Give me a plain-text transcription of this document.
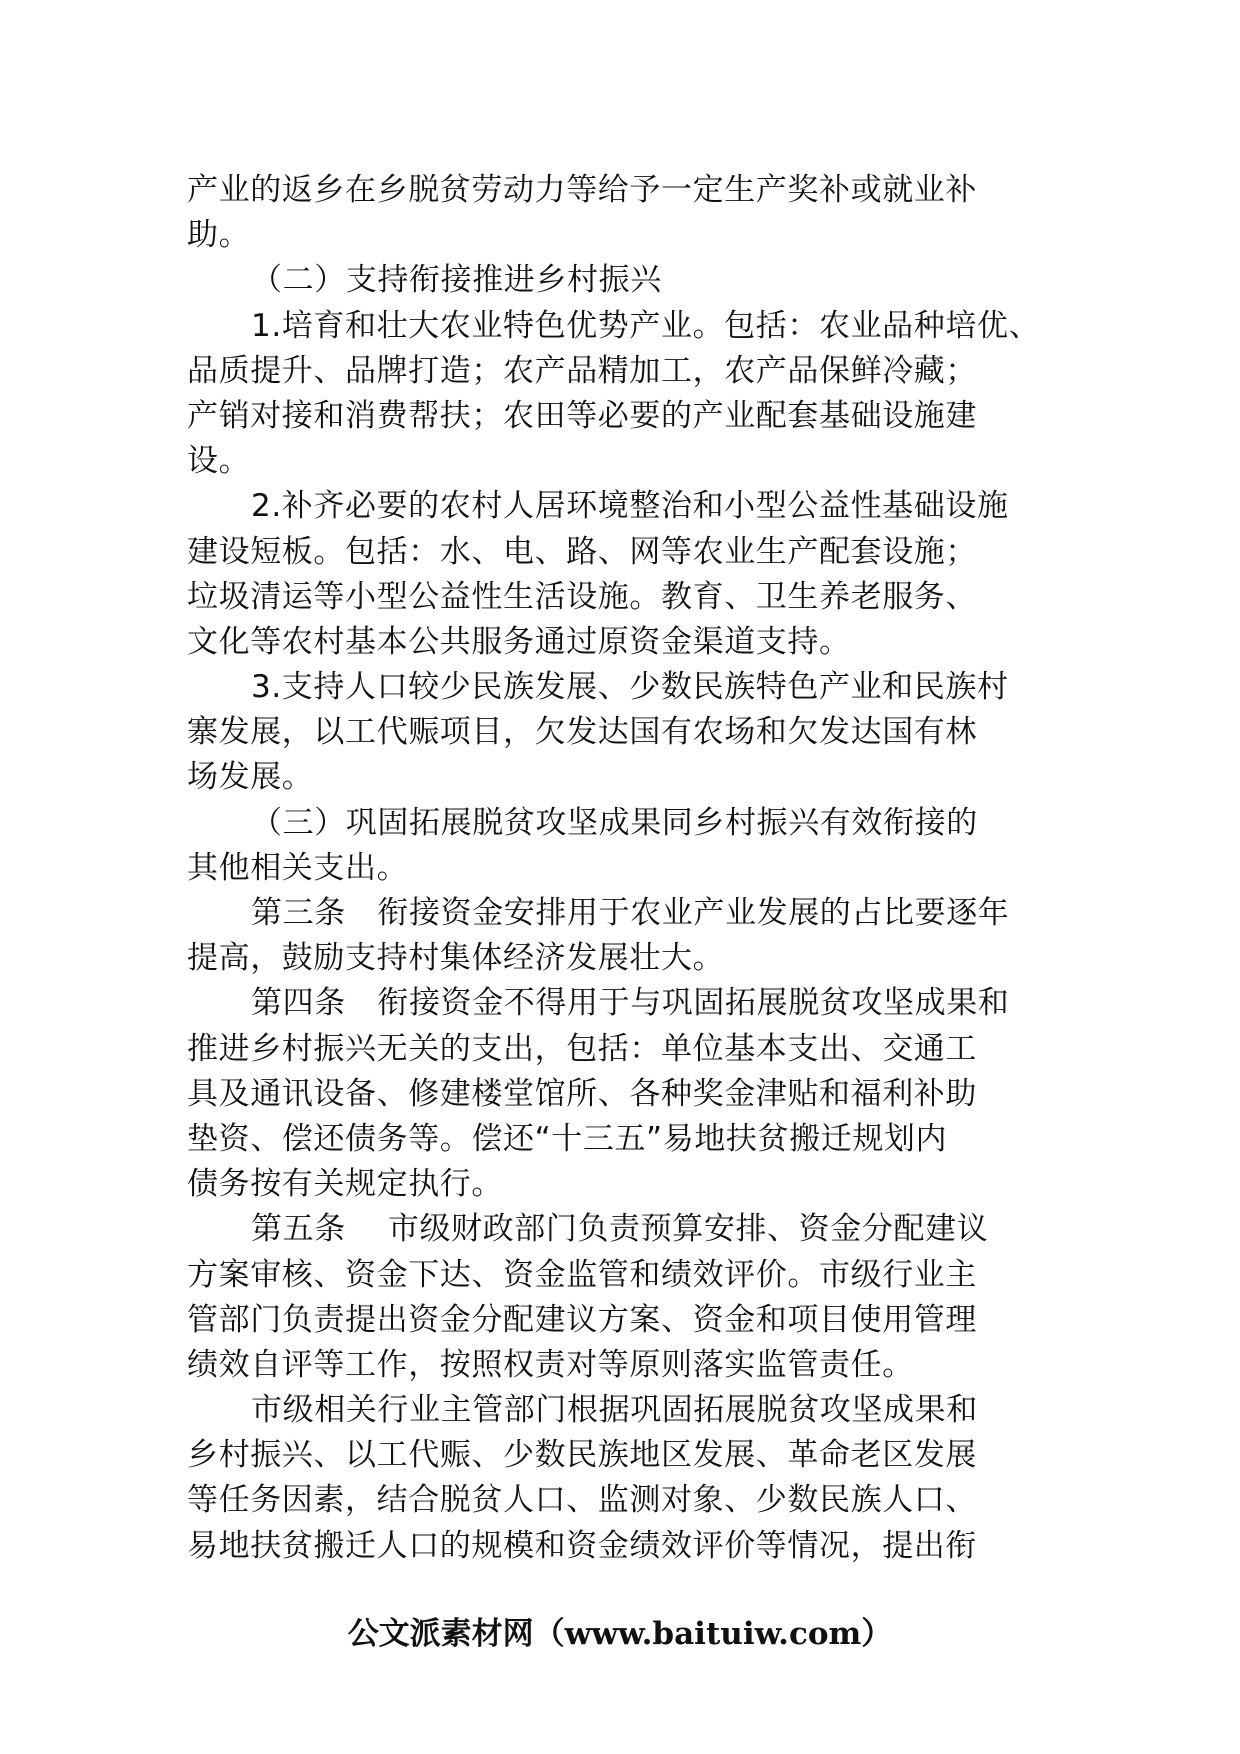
产业的返乡在乡脱贫劳动力等给予一定生产奖补或就业补
助。

（二）支持衔接推进乡村振兴

1.培育和壮大农业特色优势产业。包括：农业品种培优、
品质提升、品牌打造；农产品精加工，农产品保鲜冷藏；
产销对接和消费帮扶；农田等必要的产业配套基础设施建
设。

2.补齐必要的农村人居环境整治和小型公益性基础设施
建设短板。包括：水、电、路、网等农业生产配套设施；
垃圾清运等小型公益性生活设施。教育、卫生养老服务、
文化等农村基本公共服务通过原资金渠道支持。

3.支持人口较少民族发展、少数民族特色产业和民族村
寨发展，以工代赈项目，欠发达国有农场和欠发达国有林
场发展。

（三）巩固拓展脱贫攻坚成果同乡村振兴有效衔接的
其他相关支出。

第三条　衔接资金安排用于农业产业发展的占比要逐年
提高，鼓励支持村集体经济发展壮大。

第四条　衔接资金不得用于与巩固拓展脱贫攻坚成果和
推进乡村振兴无关的支出，包括：单位基本支出、交通工
具及通讯设备、修建楼堂馆所、各种奖金津贴和福利补助
垫资、偿还债务等。偿还“十三五”易地扶贫搬迁规划内
债务按有关规定执行。

第五条　 市级财政部门负责预算安排、资金分配建议
方案审核、资金下达、资金监管和绩效评价。市级行业主
管部门负责提出资金分配建议方案、资金和项目使用管理
绩效自评等工作，按照权责对等原则落实监管责任。

市级相关行业主管部门根据巩固拓展脱贫攻坚成果和
乡村振兴、以工代赈、少数民族地区发展、革命老区发展
等任务因素，结合脱贫人口、监测对象、少数民族人口、
易地扶贫搬迁人口的规模和资金绩效评价等情况，提出衔

公文派素材网（www.baituiw.com）
